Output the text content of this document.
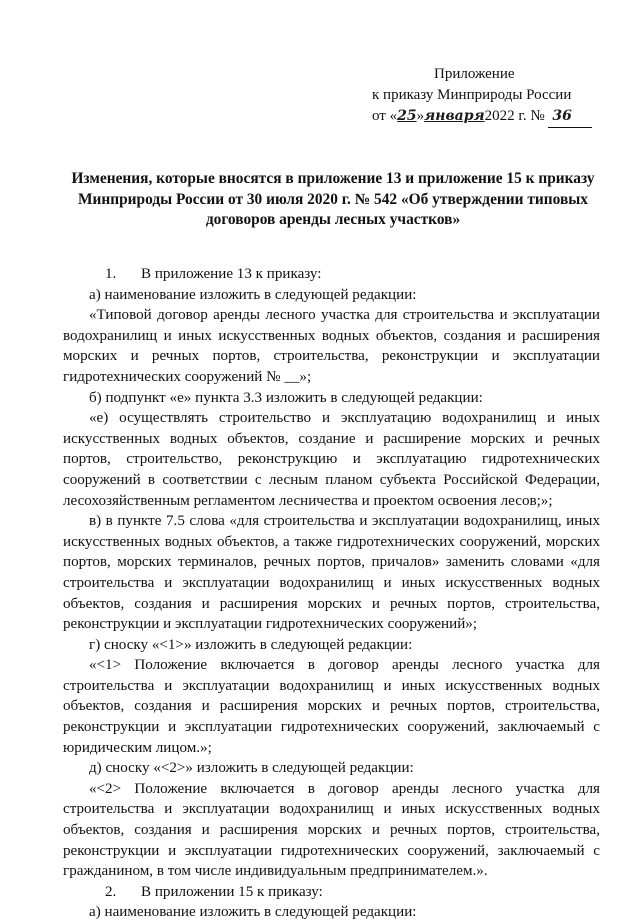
Приложение
к приказу Минприроды России
от «25»января2022 г. № 36
Изменения, которые вносятся в приложение 13 и приложение 15 к приказу Минприроды России от 30 июля 2020 г. № 542 «Об утверждении типовых договоров аренды лесных участков»
1. В приложение 13 к приказу:

а) наименование изложить в следующей редакции:

«Типовой договор аренды лесного участка для строительства и эксплуатации водохранилищ и иных искусственных водных объектов, создания и расширения морских и речных портов, строительства, реконструкции и эксплуатации гидротехнических сооружений № __»;

б) подпункт «е» пункта 3.3 изложить в следующей редакции:

«е) осуществлять строительство и эксплуатацию водохранилищ и иных искусственных водных объектов, создание и расширение морских и речных портов, строительство, реконструкцию и эксплуатацию гидротехнических сооружений в соответствии с лесным планом субъекта Российской Федерации, лесохозяйственным регламентом лесничества и проектом освоения лесов;»;

в) в пункте 7.5 слова «для строительства и эксплуатации водохранилищ, иных искусственных водных объектов, а также гидротехнических сооружений, морских портов, морских терминалов, речных портов, причалов» заменить словами «для строительства и эксплуатации водохранилищ и иных искусственных водных объектов, создания и расширения морских и речных портов, строительства, реконструкции и эксплуатации гидротехнических сооружений»;

г) сноску «<1>» изложить в следующей редакции:

«<1> Положение включается в договор аренды лесного участка для строительства и эксплуатации водохранилищ и иных искусственных водных объектов, создания и расширения морских и речных портов, строительства, реконструкции и эксплуатации гидротехнических сооружений, заключаемый с юридическим лицом.»;

д) сноску «<2>» изложить в следующей редакции:

«<2> Положение включается в договор аренды лесного участка для строительства и эксплуатации водохранилищ и иных искусственных водных объектов, создания и расширения морских и речных портов, строительства, реконструкции и эксплуатации гидротехнических сооружений, заключаемый с гражданином, в том числе индивидуальным предпринимателем.».

2. В приложении 15 к приказу:

а) наименование изложить в следующей редакции:
